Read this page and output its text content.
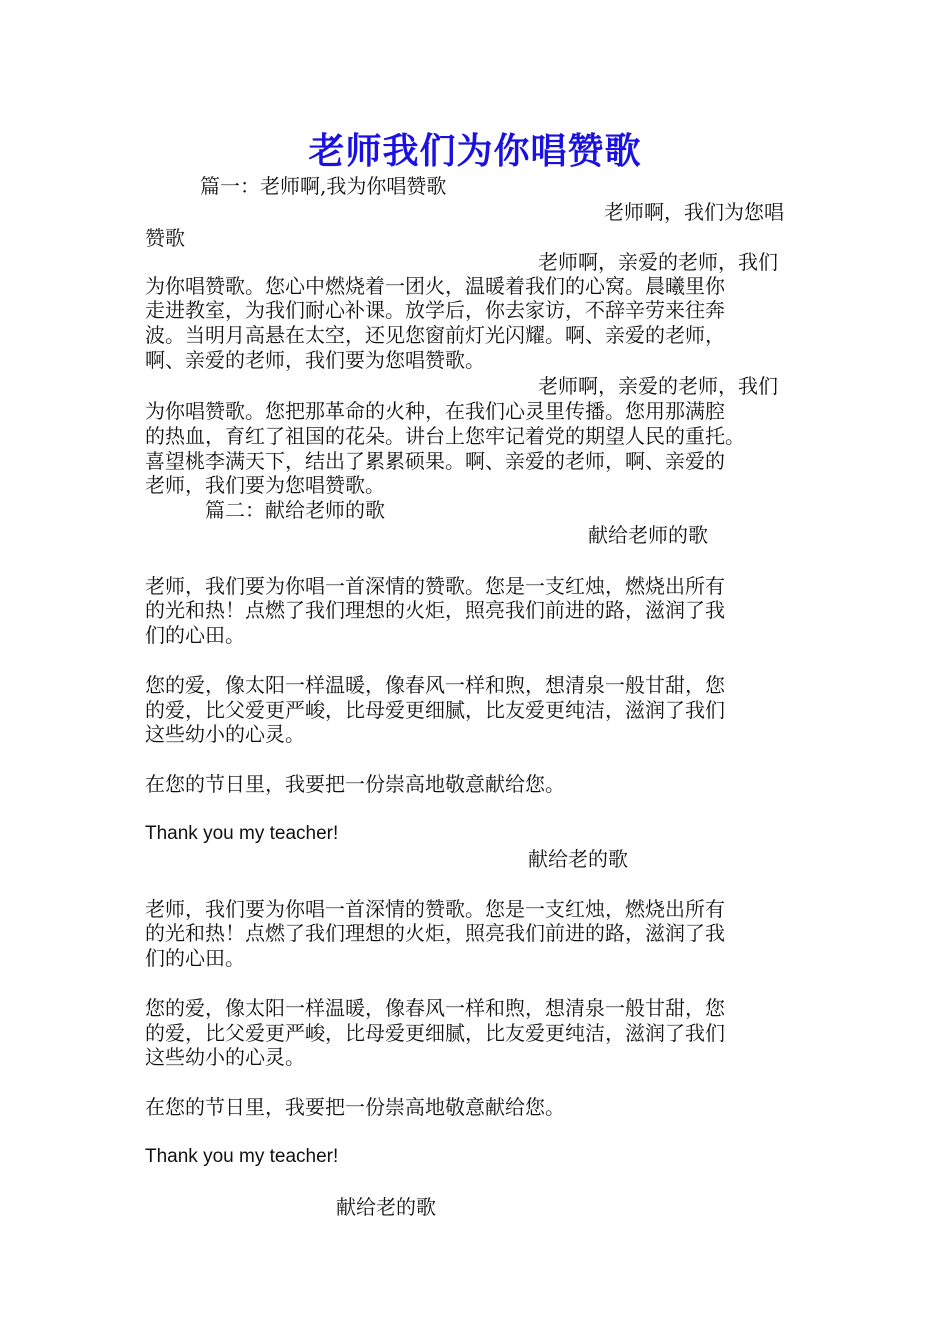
老师我们为你唱赞歌
篇一：老师啊,我为你唱赞歌
老师啊，我们为您唱
赞歌
老师啊，亲爱的老师，我们
为你唱赞歌。您心中燃烧着一团火，温暖着我们的心窝。晨曦里你
走进教室，为我们耐心补课。放学后，你去家访，不辞辛劳来往奔
波。当明月高悬在太空，还见您窗前灯光闪耀。啊、亲爱的老师，
啊、亲爱的老师，我们要为您唱赞歌。
老师啊，亲爱的老师，我们
为你唱赞歌。您把那革命的火种，在我们心灵里传播。您用那满腔
的热血，育红了祖国的花朵。讲台上您牢记着党的期望人民的重托。
喜望桃李满天下，结出了累累硕果。啊、亲爱的老师，啊、亲爱的
老师，我们要为您唱赞歌。
篇二：献给老师的歌
献给老师的歌
老师，我们要为你唱一首深情的赞歌。您是一支红烛，燃烧出所有
的光和热！点燃了我们理想的火炬，照亮我们前进的路，滋润了我
们的心田。
您的爱，像太阳一样温暖，像春风一样和煦，想清泉一般甘甜，您
的爱，比父爱更严峻，比母爱更细腻，比友爱更纯洁，滋润了我们
这些幼小的心灵。
在您的节日里，我要把一份崇高地敬意献给您。
Thank you my teacher!
献给老的歌
老师，我们要为你唱一首深情的赞歌。您是一支红烛，燃烧出所有
的光和热！点燃了我们理想的火炬，照亮我们前进的路，滋润了我
们的心田。
您的爱，像太阳一样温暖，像春风一样和煦，想清泉一般甘甜，您
的爱，比父爱更严峻，比母爱更细腻，比友爱更纯洁，滋润了我们
这些幼小的心灵。
在您的节日里，我要把一份崇高地敬意献给您。
Thank you my teacher!
献给老的歌
